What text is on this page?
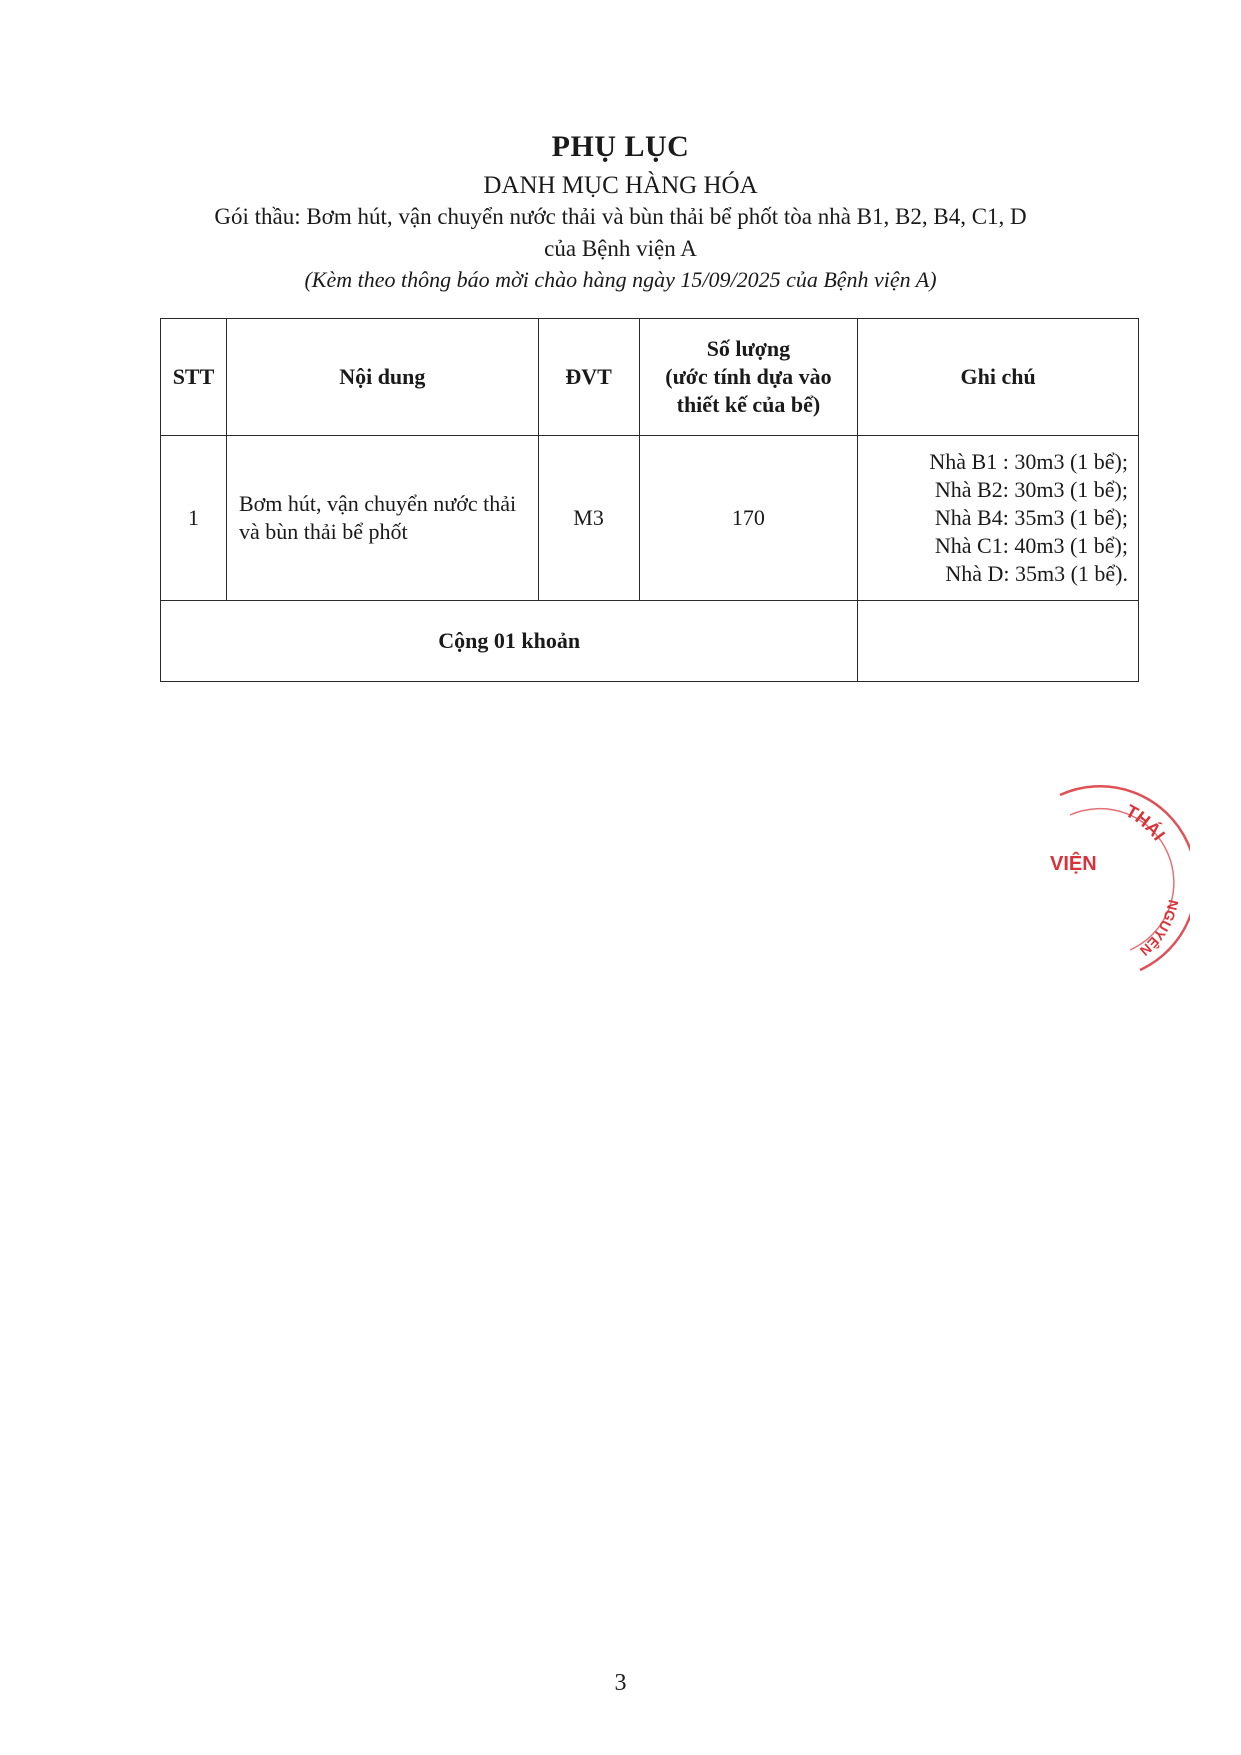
PHỤ LỤC
DANH MỤC HÀNG HÓA
Gói thầu: Bơm hút, vận chuyển nước thải và bùn thải bể phốt tòa nhà B1, B2, B4, C1, D
của Bệnh viện A
(Kèm theo thông báo mời chào hàng ngày 15/09/2025 của Bệnh viện A)
STT	Nội dung	ĐVT	Số lượng
(ước tính dựa vào
thiết kế của bể)	Ghi chú
1	Bơm hút, vận chuyển nước thải và bùn thải bể phốt	M3	170	Nhà B1 : 30m3 (1 bể);
Nhà B2: 30m3 (1 bể);
Nhà B4: 35m3 (1 bể);
Nhà C1: 40m3 (1 bể);
Nhà D: 35m3 (1 bể).

Cộng 01 khoản				
THÁI
NGUYÊN
VIỆN
3
